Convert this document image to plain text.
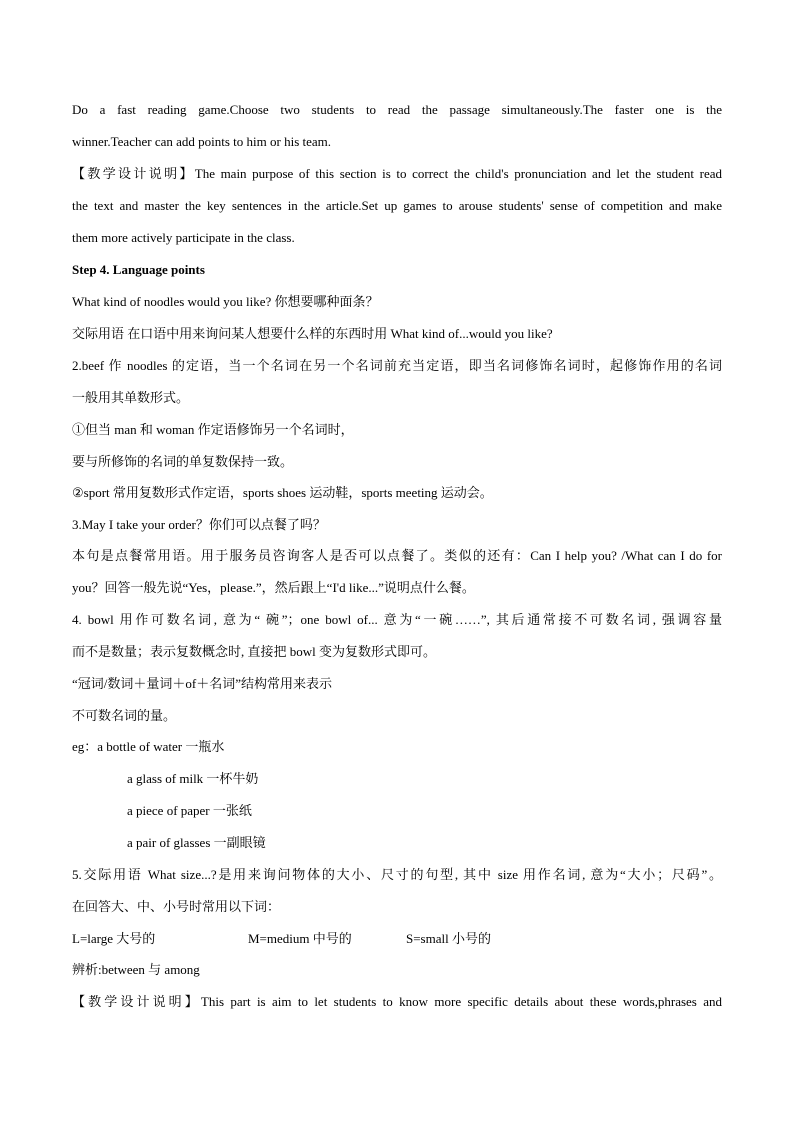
Do a fast reading game.Choose two students to read the passage simultaneously.The faster one is the
winner.Teacher can add points to him or his team.
【教学设计说明】The main purpose of this section is to correct the child's pronunciation and let the student read
the text and master the key sentences in the article.Set up games to arouse students' sense of competition and make
them more actively participate in the class.
Step 4. Language points
What kind of noodles would you like? 你想要哪种面条？
交际用语 在口语中用来询问某人想要什么样的东西时用 What kind of...would you like?
2.beef 作 noodles 的定语，当一个名词在另一个名词前充当定语，即当名词修饰名词时，起修饰作用的名词
一般用其单数形式。
①但当 man 和 woman 作定语修饰另一个名词时，
要与所修饰的名词的单复数保持一致。
②sport 常用复数形式作定语，sports shoes 运动鞋，sports meeting 运动会。
3.May I take your order？你们可以点餐了吗？
本句是点餐常用语。用于服务员咨询客人是否可以点餐了。类似的还有：Can I help you? /What can I do for
you？回答一般先说“Yes，please.”，然后跟上“I'd like...”说明点什么餐。
4. bowl 用作可数名词, 意为“ 碗”；one bowl of... 意为“一碗……”, 其后通常接不可数名词, 强调容量
而不是数量；表示复数概念时, 直接把 bowl 变为复数形式即可。
“冠词/数词＋量词＋of＋名词”结构常用来表示
不可数名词的量。
eg：a bottle of water 一瓶水
a glass of milk 一杯牛奶
a piece of paper 一张纸
a pair of glasses 一副眼镜
5.交际用语 What size...?是用来询问物体的大小、尺寸的句型, 其中 size 用作名词, 意为“大小；尺码”。
在回答大、中、小号时常用以下词：
L=large 大号的	M=medium 中号的	S=small 小号的
辨析:between 与 among
【教学设计说明】This part is aim to let students to know more specific details about these words,phrases and
